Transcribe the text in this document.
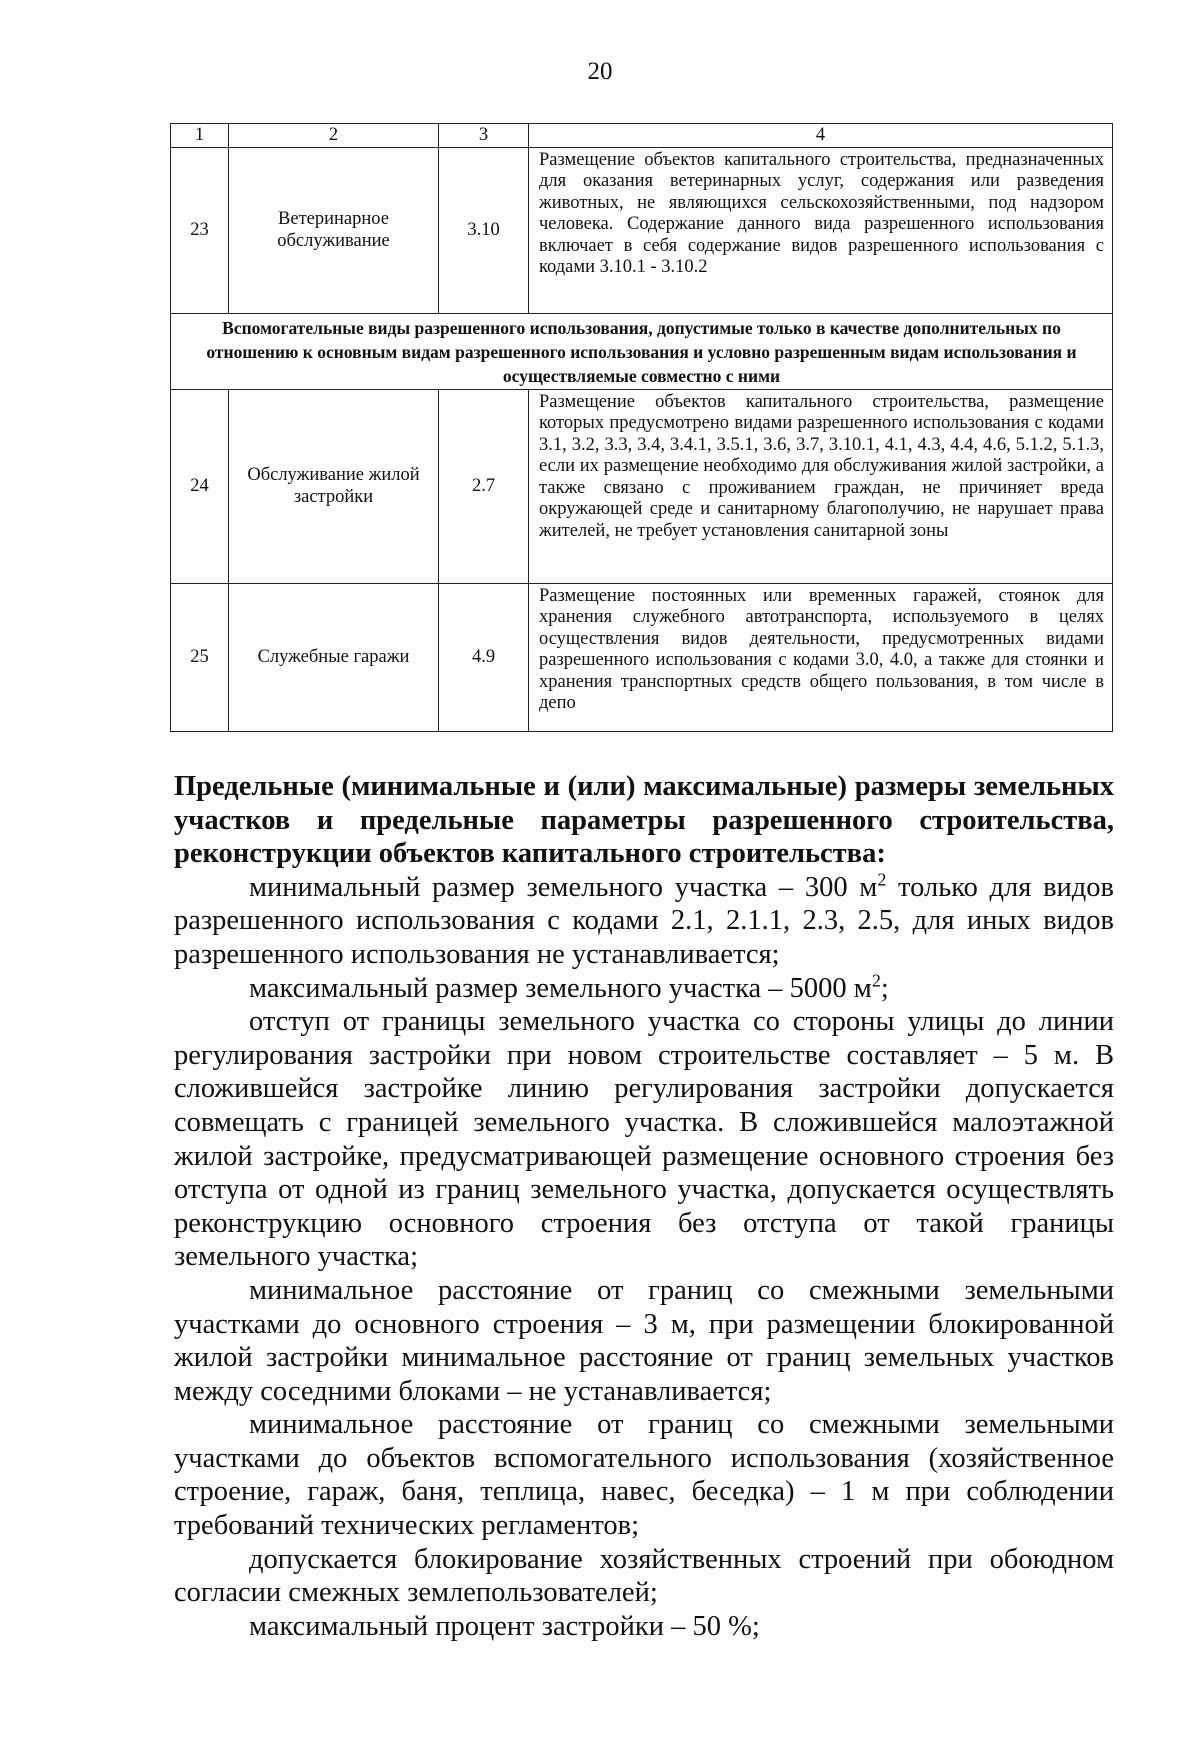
20
1	2	3	4
23	Ветеринарное обслуживание	3.10	Размещение объектов капитального строительства, предназначенных для оказания ветеринарных услуг, содержания или разведения животных, не являющихся сельскохозяйственными, под надзором человека. Содержание данного вида разрешенного использования включает в себя содержание видов разрешенного использования с кодами 3.10.1 - 3.10.2
Вспомогательные виды разрешенного использования, допустимые только в качестве дополнительных по отношению к основным видам разрешенного использования и условно разрешенным видам использования и осуществляемые совместно с ними			
24	Обслуживание жилой застройки	2.7	Размещение объектов капитального строительства, размещение которых предусмотрено видами разрешенного использования с кодами 3.1, 3.2, 3.3, 3.4, 3.4.1, 3.5.1, 3.6, 3.7, 3.10.1, 4.1, 4.3, 4.4, 4.6, 5.1.2, 5.1.3, если их размещение необходимо для обслуживания жилой застройки, а также связано с проживанием граждан, не причиняет вреда окружающей среде и санитарному благополучию, не нарушает права жителей, не требует установления санитарной зоны
25	Служебные гаражи	4.9	Размещение постоянных или временных гаражей, стоянок для хранения служебного автотранспорта, используемого в целях осуществления видов деятельности, предусмотренных видами разрешенного использования с кодами 3.0, 4.0, а также для стоянки и хранения транспортных средств общего пользования, в том числе в депо
Предельные (минимальные и (или) максимальные) размеры земельных участков и предельные параметры разрешенного строительства, реконструкции объектов капитального строительства:

минимальный размер земельного участка – 300 $м^2$ только для видов разрешенного использования с кодами 2.1, 2.1.1, 2.3, 2.5, для иных видов разрешенного использования не устанавливается;

максимальный размер земельного участка – 5000 $м^2$;

отступ от границы земельного участка со стороны улицы до линии регулирования застройки при новом строительстве составляет – 5 м. В сложившейся застройке линию регулирования застройки допускается совмещать с границей земельного участка. В сложившейся малоэтажной жилой застройке, предусматривающей размещение основного строения без отступа от одной из границ земельного участка, допускается осуществлять реконструкцию основного строения без отступа от такой границы земельного участка;

минимальное расстояние от границ со смежными земельными участками до основного строения – 3 м, при размещении блокированной жилой застройки минимальное расстояние от границ земельных участков между соседними блоками – не устанавливается;

минимальное расстояние от границ со смежными земельными участками до объектов вспомогательного использования (хозяйственное строение, гараж, баня, теплица, навес, беседка) – 1 м при соблюдении требований технических регламентов;

допускается блокирование хозяйственных строений при обоюдном согласии смежных землепользователей;

максимальный процент застройки – 50 %;
